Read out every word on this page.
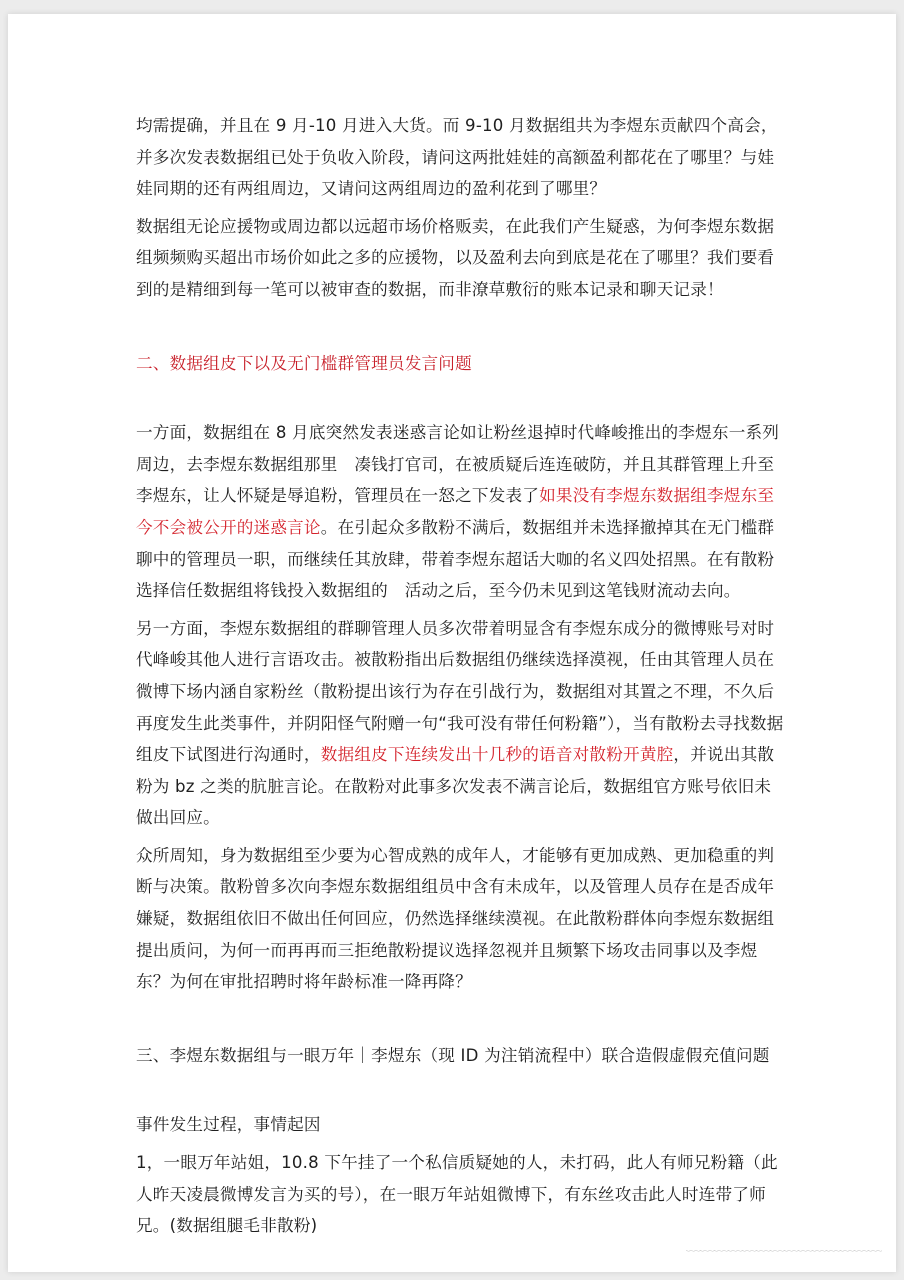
均需提确，并且在 9 月-10 月进入大货。而 9-10 月数据组共为李煜东贡献四个高会，并多次发表数据组已处于负收入阶段，请问这两批娃娃的高额盈利都花在了哪里？与娃娃同期的还有两组周边，又请问这两组周边的盈利花到了哪里？

数据组无论应援物或周边都以远超市场价格贩卖，在此我们产生疑惑，为何李煜东数据组频频购买超出市场价如此之多的应援物，以及盈利去向到底是花在了哪里？我们要看到的是精细到每一笔可以被审查的数据，而非潦草敷衍的账本记录和聊天记录！

二、数据组皮下以及无门槛群管理员发言问题

一方面，数据组在 8 月底突然发表迷惑言论如让粉丝退掉时代峰峻推出的李煜东一系列周边，去李煜东数据组那里　凑钱打官司，在被质疑后连连破防，并且其群管理上升至李煜东，让人怀疑是辱追粉，管理员在一怒之下发表了如果没有李煜东数据组李煜东至今不会被公开的迷惑言论。在引起众多散粉不满后，数据组并未选择撤掉其在无门槛群聊中的管理员一职，而继续任其放肆，带着李煜东超话大咖的名义四处招黑。在有散粉选择信任数据组将钱投入数据组的　活动之后，至今仍未见到这笔钱财流动去向。

另一方面，李煜东数据组的群聊管理人员多次带着明显含有李煜东成分的微博账号对时代峰峻其他人进行言语攻击。被散粉指出后数据组仍继续选择漠视，任由其管理人员在微博下场内涵自家粉丝（散粉提出该行为存在引战行为，数据组对其置之不理，不久后再度发生此类事件，并阴阳怪气附赠一句“我可没有带任何粉籍”），当有散粉去寻找数据组皮下试图进行沟通时，数据组皮下连续发出十几秒的语音对散粉开黄腔，并说出其散粉为 bz 之类的肮脏言论。在散粉对此事多次发表不满言论后，数据组官方账号依旧未做出回应。

众所周知，身为数据组至少要为心智成熟的成年人，才能够有更加成熟、更加稳重的判断与决策。散粉曾多次向李煜东数据组组员中含有未成年，以及管理人员存在是否成年嫌疑，数据组依旧不做出任何回应，仍然选择继续漠视。在此散粉群体向李煜东数据组提出质问，为何一而再再而三拒绝散粉提议选择忽视并且频繁下场攻击同事以及李煜东？为何在审批招聘时将年龄标准一降再降？

三、李煜东数据组与一眼万年｜李煜东（现 ID 为注销流程中）联合造假虚假充值问题

事件发生过程，事情起因

1，一眼万年站姐，10.8 下午挂了一个私信质疑她的人，未打码，此人有师兄粉籍（此人昨天凌晨微博发言为买的号），在一眼万年站姐微博下，有东丝攻击此人时连带了师兄。(数据组腿毛非散粉)

﹏﹏﹏﹏﹏﹏﹏﹏﹏﹏﹏﹏﹏﹏
